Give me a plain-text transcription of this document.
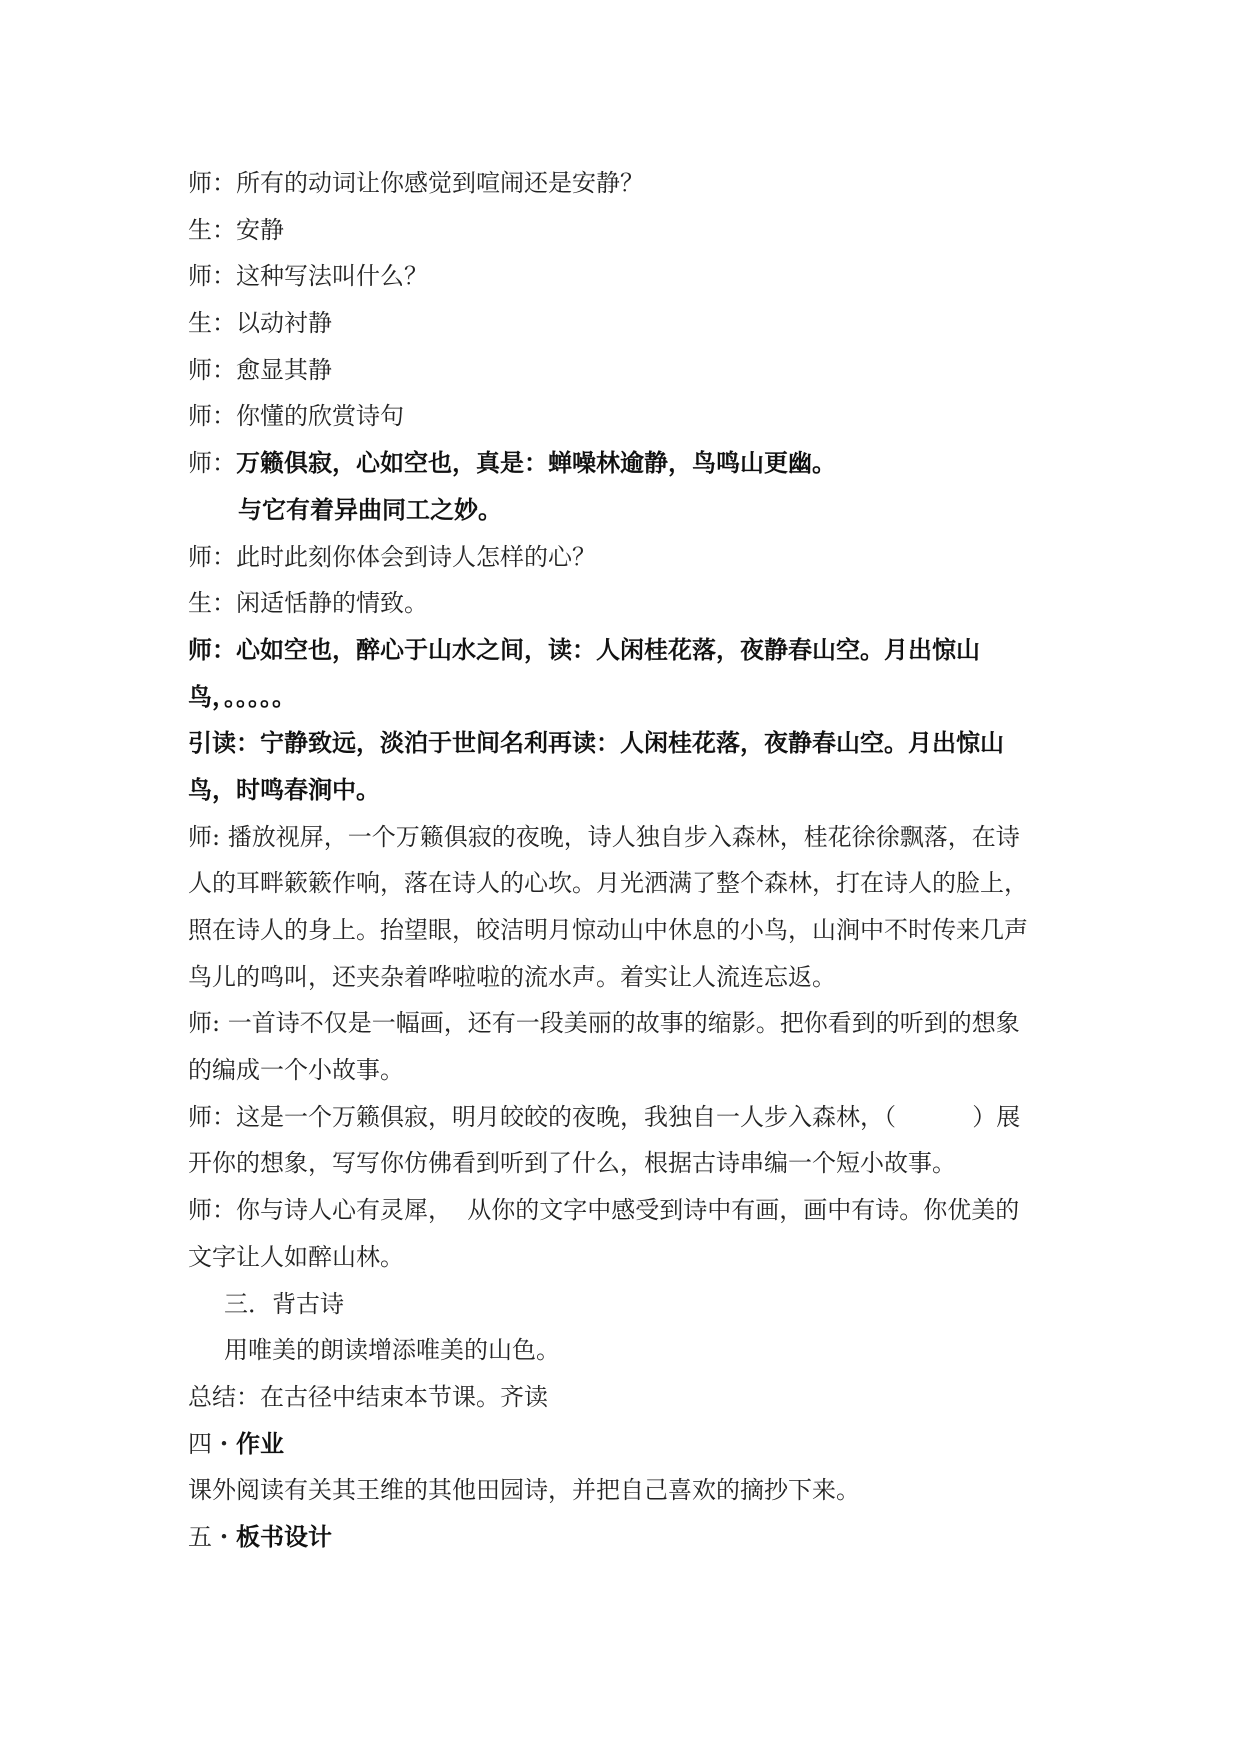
师：所有的动词让你感觉到喧闹还是安静？
生：安静
师：这种写法叫什么？
生：以动衬静
师：愈显其静
师：你懂的欣赏诗句
师：万籁俱寂，心如空也，真是：蝉噪林逾静，鸟鸣山更幽。
与它有着异曲同工之妙。
师：此时此刻你体会到诗人怎样的心？
生：闲适恬静的情致。
师：心如空也，醉心于山水之间，读：人闲桂花落，夜静春山空。月出惊山
鸟，。。。。。
引读：宁静致远，淡泊于世间名利再读：人闲桂花落，夜静春山空。月出惊山
鸟，时鸣春涧中。
师: 播放视屏，一个万籁俱寂的夜晚，诗人独自步入森林，桂花徐徐飘落，在诗
人的耳畔簌簌作响，落在诗人的心坎。月光洒满了整个森林，打在诗人的脸上，
照在诗人的身上。抬望眼，皎洁明月惊动山中休息的小鸟，山涧中不时传来几声
鸟儿的鸣叫，还夹杂着哗啦啦的流水声。着实让人流连忘返。
师: 一首诗不仅是一幅画，还有一段美丽的故事的缩影。把你看到的听到的想象
的编成一个小故事。
师：这是一个万籁俱寂，明月皎皎的夜晚，我独自一人步入森林，（          ）展
开你的想象，写写你仿佛看到听到了什么，根据古诗串编一个短小故事。
师：你与诗人心有灵犀，  从你的文字中感受到诗中有画，画中有诗。你优美的
文字让人如醉山林。
三．背古诗
用唯美的朗读增添唯美的山色。
总结：在古径中结束本节课。齐读
四・作业
课外阅读有关其王维的其他田园诗，并把自己喜欢的摘抄下来。
五・板书设计
